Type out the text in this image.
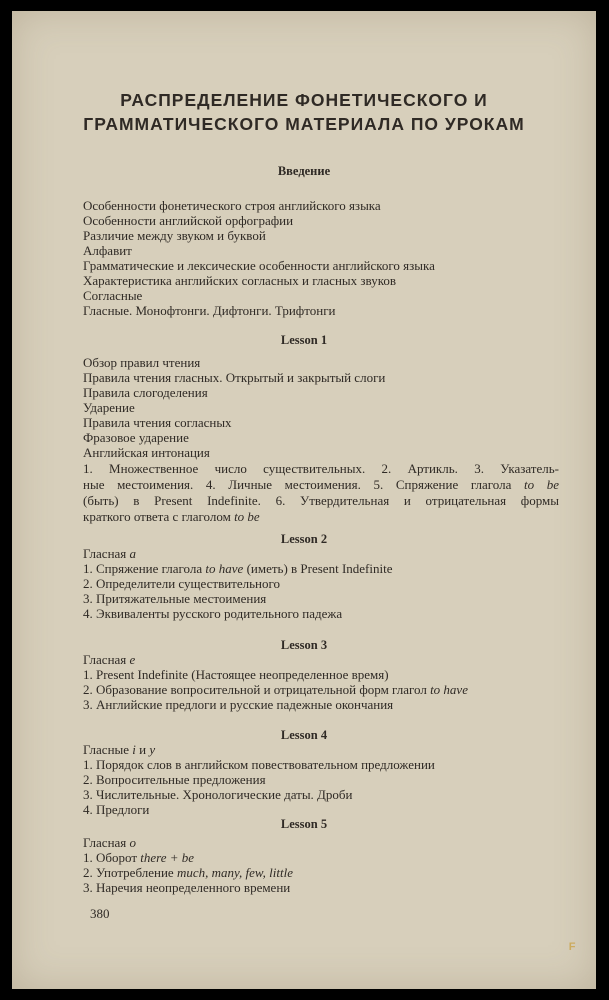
РАСПРЕДЕЛЕНИЕ ФОНЕТИЧЕСКОГО И
ГРАММАТИЧЕСКОГО МАТЕРИАЛА ПО УРОКАМ
Введение
Особенности фонетического строя английского языка
Особенности английской орфографии
Различие между звуком и буквой
Алфавит
Грамматические и лексические особенности английского языка
Характеристика английских согласных и гласных звуков
Согласные
Гласные. Монофтонги. Дифтонги. Трифтонги
Lesson 1
Обзор правил чтения
Правила чтения гласных. Открытый и закрытый слоги
Правила слогоделения
Ударение
Правила чтения согласных
Фразовое ударение
Английская интонация
1. Множественное число существительных. 2. Артикль. 3. Указатель-
ные местоимения. 4. Личные местоимения. 5. Спряжение глагола to be
(быть) в Present Indefinite. 6. Утвердительная и отрицательная формы
краткого ответа с глаголом to be
Lesson 2
Гласная a
1. Спряжение глагола to have (иметь) в Present Indefinite
2. Определители существительного
3. Притяжательные местоимения
4. Эквиваленты русского родительного падежа
Lesson 3
Гласная e
1. Present Indefinite (Настоящее неопределенное время)
2. Образование вопросительной и отрицательной форм глагол to have
3. Английские предлоги и русские падежные окончания
Lesson 4
Гласные i и y
1. Порядок слов в английском повествовательном предложении
2. Вопросительные предложения
3. Числительные. Хронологические даты. Дроби
4. Предлоги
Lesson 5
Гласная o
1. Оборот there + be
2. Употребление much, many, few, little
3. Наречия неопределенного времени
380
F
